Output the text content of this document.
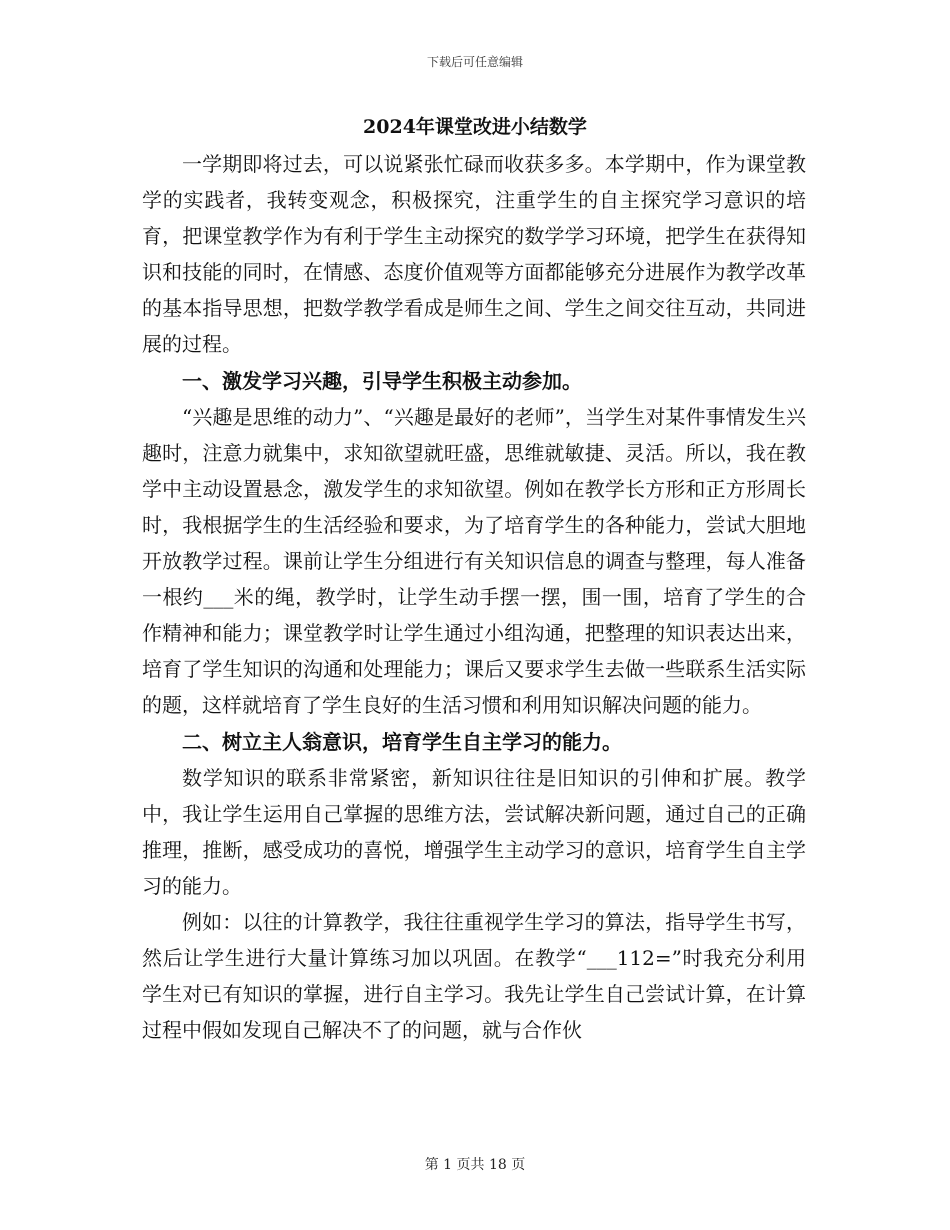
下载后可任意编辑
2024年课堂改进小结数学

一学期即将过去，可以说紧张忙碌而收获多多。本学期中，作为课堂教学的实践者，我转变观念，积极探究，注重学生的自主探究学习意识的培育，把课堂教学作为有利于学生主动探究的数学学习环境，把学生在获得知识和技能的同时，在情感、态度价值观等方面都能够充分进展作为教学改革的基本指导思想，把数学教学看成是师生之间、学生之间交往互动，共同进展的过程。

一、激发学习兴趣，引导学生积极主动参加。

“兴趣是思维的动力”、“兴趣是最好的老师”，当学生对某件事情发生兴趣时，注意力就集中，求知欲望就旺盛，思维就敏捷、灵活。所以，我在教学中主动设置悬念，激发学生的求知欲望。例如在教学长方形和正方形周长时，我根据学生的生活经验和要求，为了培育学生的各种能力，尝试大胆地开放教学过程。课前让学生分组进行有关知识信息的调查与整理，每人准备一根约___米的绳，教学时，让学生动手摆一摆，围一围，培育了学生的合作精神和能力；课堂教学时让学生通过小组沟通，把整理的知识表达出来，培育了学生知识的沟通和处理能力；课后又要求学生去做一些联系生活实际的题，这样就培育了学生良好的生活习惯和利用知识解决问题的能力。

二、树立主人翁意识，培育学生自主学习的能力。

数学知识的联系非常紧密，新知识往往是旧知识的引伸和扩展。教学中，我让学生运用自己掌握的思维方法，尝试解决新问题，通过自己的正确推理，推断，感受成功的喜悦，增强学生主动学习的意识，培育学生自主学习的能力。

例如：以往的计算教学，我往往重视学生学习的算法，指导学生书写，然后让学生进行大量计算练习加以巩固。在教学“___112=”时我充分利用学生对已有知识的掌握，进行自主学习。我先让学生自己尝试计算，在计算过程中假如发现自己解决不了的问题，就与合作伙

第 1 页共 18 页
